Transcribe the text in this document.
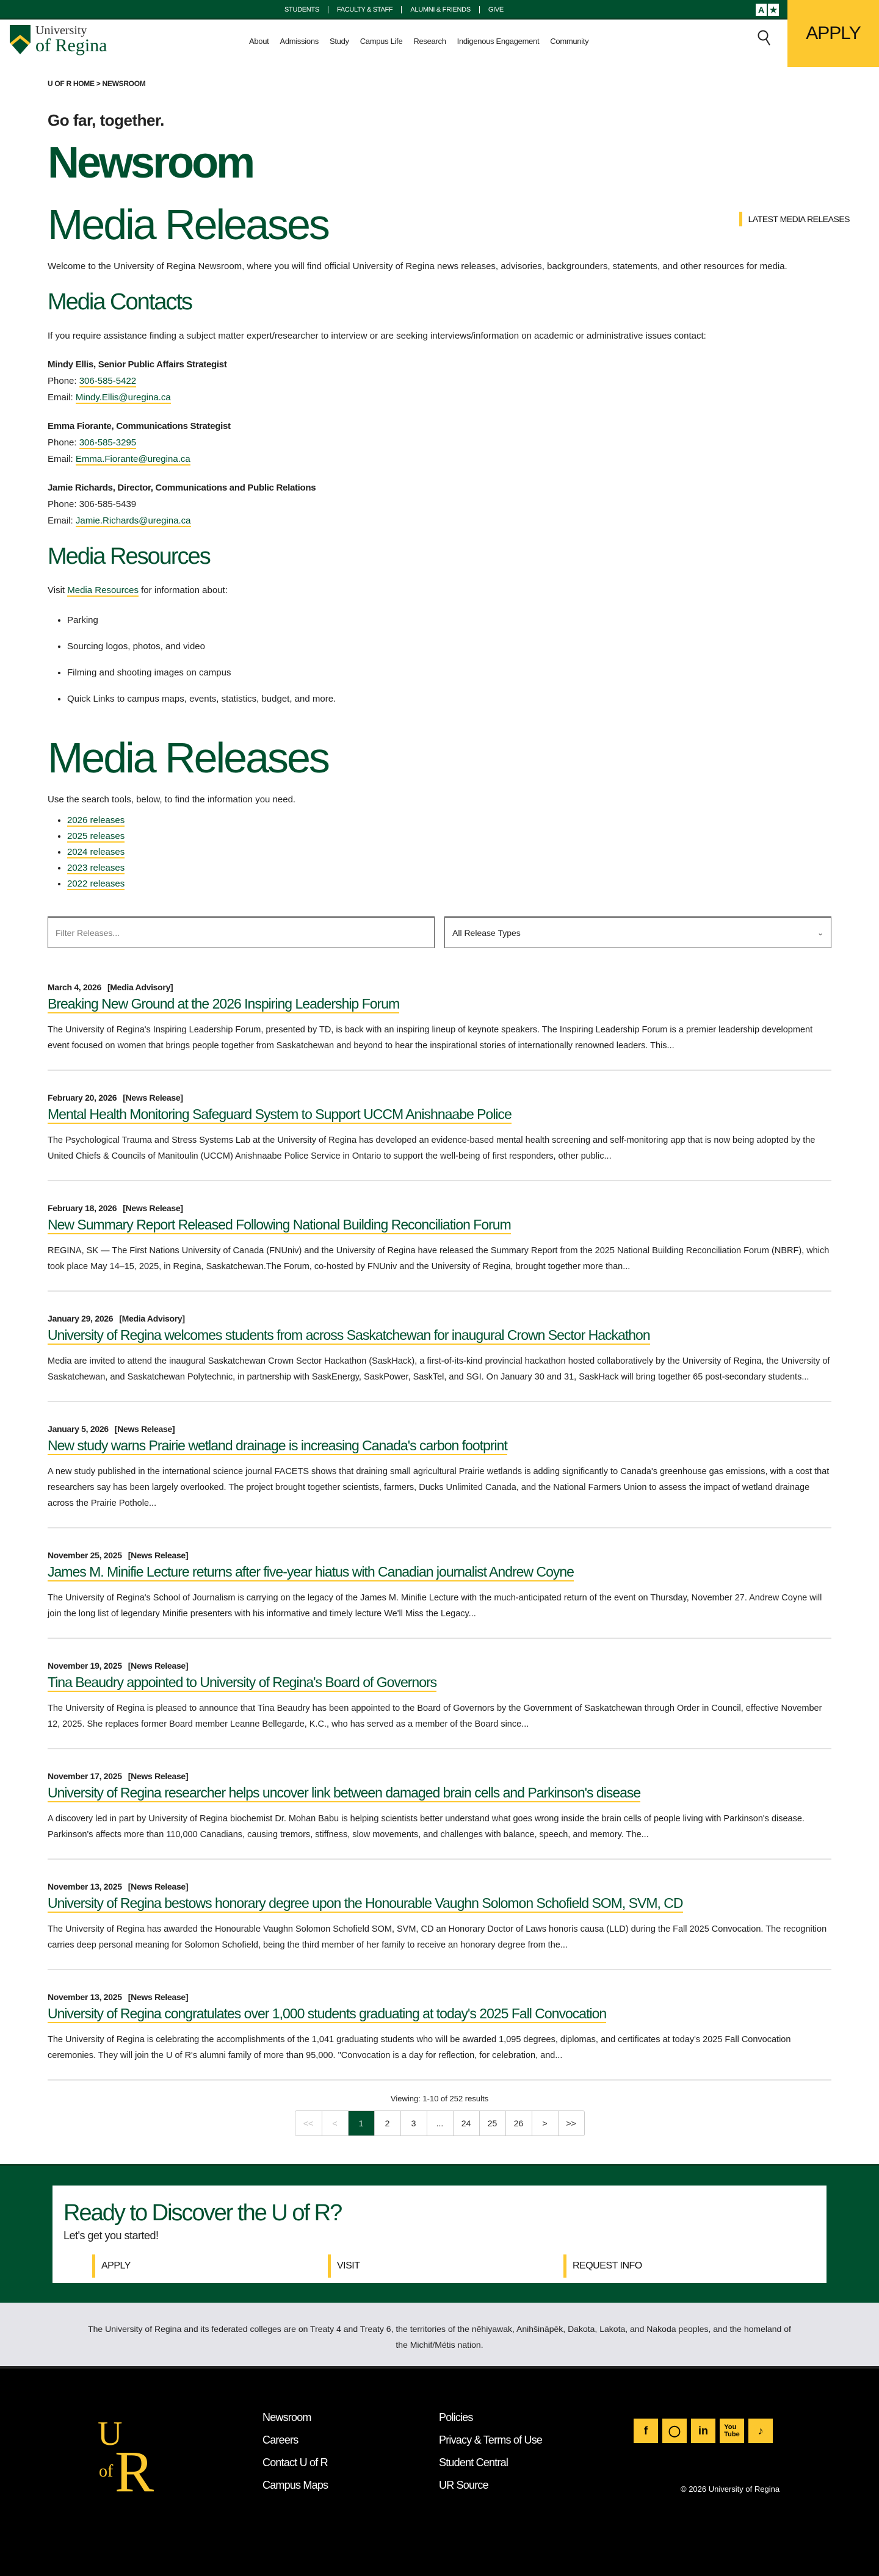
STUDENTS	FACULTY & STAFF	ALUMNI & FRIENDS	GIVE	A ★
APPLY
University
of Regina	About	Admissions	Study	Campus Life	Research	Indigenous Engagement	Community
U OF R HOME > NEWSROOM
Go far, together.
Newsroom
Media Releases	LATEST MEDIA RELEASES

Welcome to the University of Regina Newsroom, where you will find official University of Regina news releases, advisories, backgrounders, statements, and other resources for media.

Media Contacts

If you require assistance finding a subject matter expert/researcher to interview or are seeking interviews/information on academic or administrative issues contact:

Mindy Ellis, Senior Public Affairs Strategist
Phone: 306-585-5422
Email: Mindy.Ellis@uregina.ca
Emma Fiorante, Communications Strategist
Phone: 306-585-3295
Email: Emma.Fiorante@uregina.ca
Jamie Richards, Director, Communications and Public Relations
Phone: 306-585-5439
Email: Jamie.Richards@uregina.ca
Media Resources

Visit Media Resources for information about:

• Parking
• Sourcing logos, photos, and video
• Filming and shooting images on campus
• Quick Links to campus maps, events, statistics, budget, and more.
Media Releases

Use the search tools, below, to find the information you need.

• 2026 releases
• 2025 releases
• 2024 releases
• 2023 releases
• 2022 releases
Filter Releases...
All Release Types	⌄
March 4, 2026 [Media Advisory]
Breaking New Ground at the 2026 Inspiring Leadership Forum

The University of Regina's Inspiring Leadership Forum, presented by TD, is back with an inspiring lineup of keynote speakers. The Inspiring Leadership Forum is a premier leadership development event focused on women that brings people together from Saskatchewan and beyond to hear the inspirational stories of internationally renowned leaders. This...

February 20, 2026 [News Release]
Mental Health Monitoring Safeguard System to Support UCCM Anishnaabe Police

The Psychological Trauma and Stress Systems Lab at the University of Regina has developed an evidence-based mental health screening and self-monitoring app that is now being adopted by the United Chiefs & Councils of Manitoulin (UCCM) Anishnaabe Police Service in Ontario to support the well-being of first responders, other public...

February 18, 2026 [News Release]
New Summary Report Released Following National Building Reconciliation Forum

REGINA, SK — The First Nations University of Canada (FNUniv) and the University of Regina have released the Summary Report from the 2025 National Building Reconciliation Forum (NBRF), which took place May 14–15, 2025, in Regina, Saskatchewan.The Forum, co-hosted by FNUniv and the University of Regina, brought together more than...

January 29, 2026 [Media Advisory]
University of Regina welcomes students from across Saskatchewan for inaugural Crown Sector Hackathon

Media are invited to attend the inaugural Saskatchewan Crown Sector Hackathon (SaskHack), a first-of-its-kind provincial hackathon hosted collaboratively by the University of Regina, the University of Saskatchewan, and Saskatchewan Polytechnic, in partnership with SaskEnergy, SaskPower, SaskTel, and SGI. On January 30 and 31, SaskHack will bring together 65 post-secondary students...

January 5, 2026 [News Release]
New study warns Prairie wetland drainage is increasing Canada's carbon footprint

A new study published in the international science journal FACETS shows that draining small agricultural Prairie wetlands is adding significantly to Canada's greenhouse gas emissions, with a cost that researchers say has been largely overlooked. The project brought together scientists, farmers, Ducks Unlimited Canada, and the National Farmers Union to assess the impact of wetland drainage across the Prairie Pothole...

November 25, 2025 [News Release]
James M. Minifie Lecture returns after five-year hiatus with Canadian journalist Andrew Coyne

The University of Regina's School of Journalism is carrying on the legacy of the James M. Minifie Lecture with the much-anticipated return of the event on Thursday, November 27. Andrew Coyne will join the long list of legendary Minifie presenters with his informative and timely lecture We'll Miss the Legacy...

November 19, 2025 [News Release]
Tina Beaudry appointed to University of Regina's Board of Governors

The University of Regina is pleased to announce that Tina Beaudry has been appointed to the Board of Governors by the Government of Saskatchewan through Order in Council, effective November 12, 2025. She replaces former Board member Leanne Bellegarde, K.C., who has served as a member of the Board since...

November 17, 2025 [News Release]
University of Regina researcher helps uncover link between damaged brain cells and Parkinson's disease

A discovery led in part by University of Regina biochemist Dr. Mohan Babu is helping scientists better understand what goes wrong inside the brain cells of people living with Parkinson's disease. Parkinson's affects more than 110,000 Canadians, causing tremors, stiffness, slow movements, and challenges with balance, speech, and memory. The...

November 13, 2025 [News Release]
University of Regina bestows honorary degree upon the Honourable Vaughn Solomon Schofield SOM, SVM, CD

The University of Regina has awarded the Honourable Vaughn Solomon Schofield SOM, SVM, CD an Honorary Doctor of Laws honoris causa (LLD) during the Fall 2025 Convocation. The recognition carries deep personal meaning for Solomon Schofield, being the third member of her family to receive an honorary degree from the...

November 13, 2025 [News Release]
University of Regina congratulates over 1,000 students graduating at today's 2025 Fall Convocation

The University of Regina is celebrating the accomplishments of the 1,041 graduating students who will be awarded 1,095 degrees, diplomas, and certificates at today's 2025 Fall Convocation ceremonies. They will join the U of R's alumni family of more than 95,000. "Convocation is a day for reflection, for celebration, and...

Viewing: 1-10 of 252 results
<<	<	1	2	3	...	24	25	26	>	>>
Ready to Discover the U of R?
Let's get you started!
APPLY	VISIT	REQUEST INFO
The University of Regina and its federated colleges are on Treaty 4 and Treaty 6, the territories of the nêhiyawak, Anihšināpēk, Dakota, Lakota, and Nakoda peoples, and the homeland of the Michif/Métis nation.
U
of R
Newsroom
Careers
Contact U of R
Campus Maps
Policies
Privacy & Terms of Use
Student Central
UR Source
f	◯	in	You
Tube	♪
© 2026 University of Regina
